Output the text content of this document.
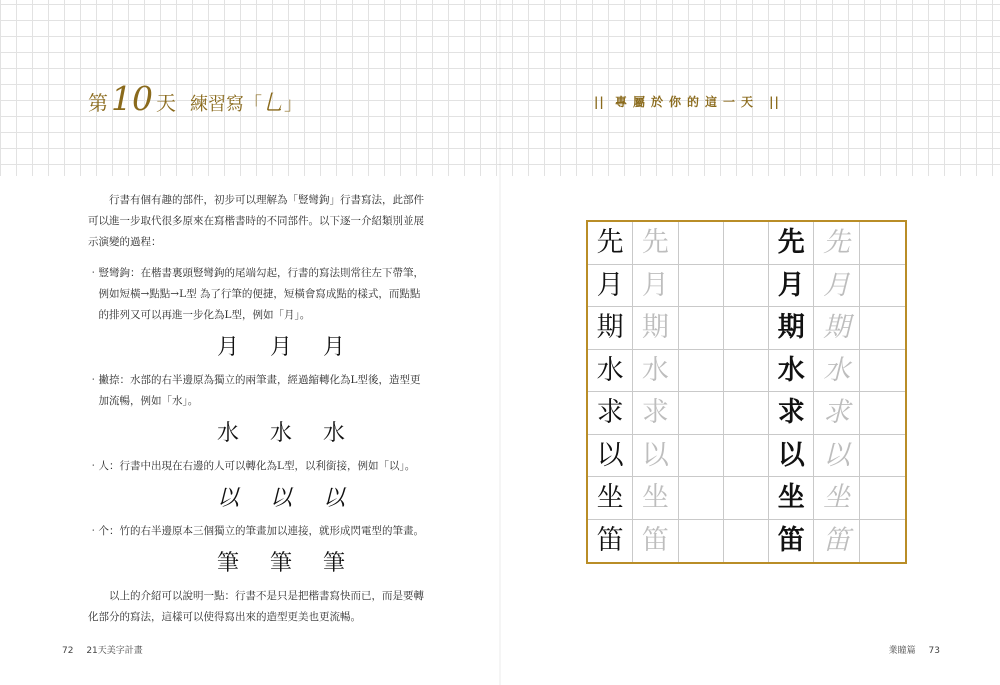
第 10 天 練習寫「 乚 」	|| 專屬於你的這一天 ||

行書有個有趣的部件，初步可以理解為「豎彎鉤」行書寫法，此部件可以進一步取代很多原來在寫楷書時的不同部件。以下逐一介紹類別並展示演變的過程：

‧豎彎鉤：在楷書裏頭豎彎鉤的尾端勾起，行書的寫法則常往左下帶筆，例如短橫→點點→L型 為了行筆的便捷，短橫會寫成點的樣式，而點點的排列又可以再進一步化為L型，例如「月」。

月 月 月

‧撇捺：水部的右半邊原為獨立的兩筆畫，經過縮轉化為L型後，造型更加流暢，例如「水」。

水 水 水

‧人：行書中出現在右邊的人可以轉化為L型，以利銜接，例如「以」。

以 以 以

‧个：竹的右半邊原本三個獨立的筆畫加以連接，就形成閃電型的筆畫。

筆 筆 筆

以上的介紹可以說明一點：行書不是只是把楷書寫快而已，而是要轉化部分的寫法，這樣可以使得寫出來的造型更美也更流暢。

先 先	先 先
月 月	月 月
期 期	期 期
水 水	水 水
求 求	求 求
以 以	以 以
坐 坐	坐 坐
笛 笛	笛 笛
72 21天美字計畫	業瞳篇 73
